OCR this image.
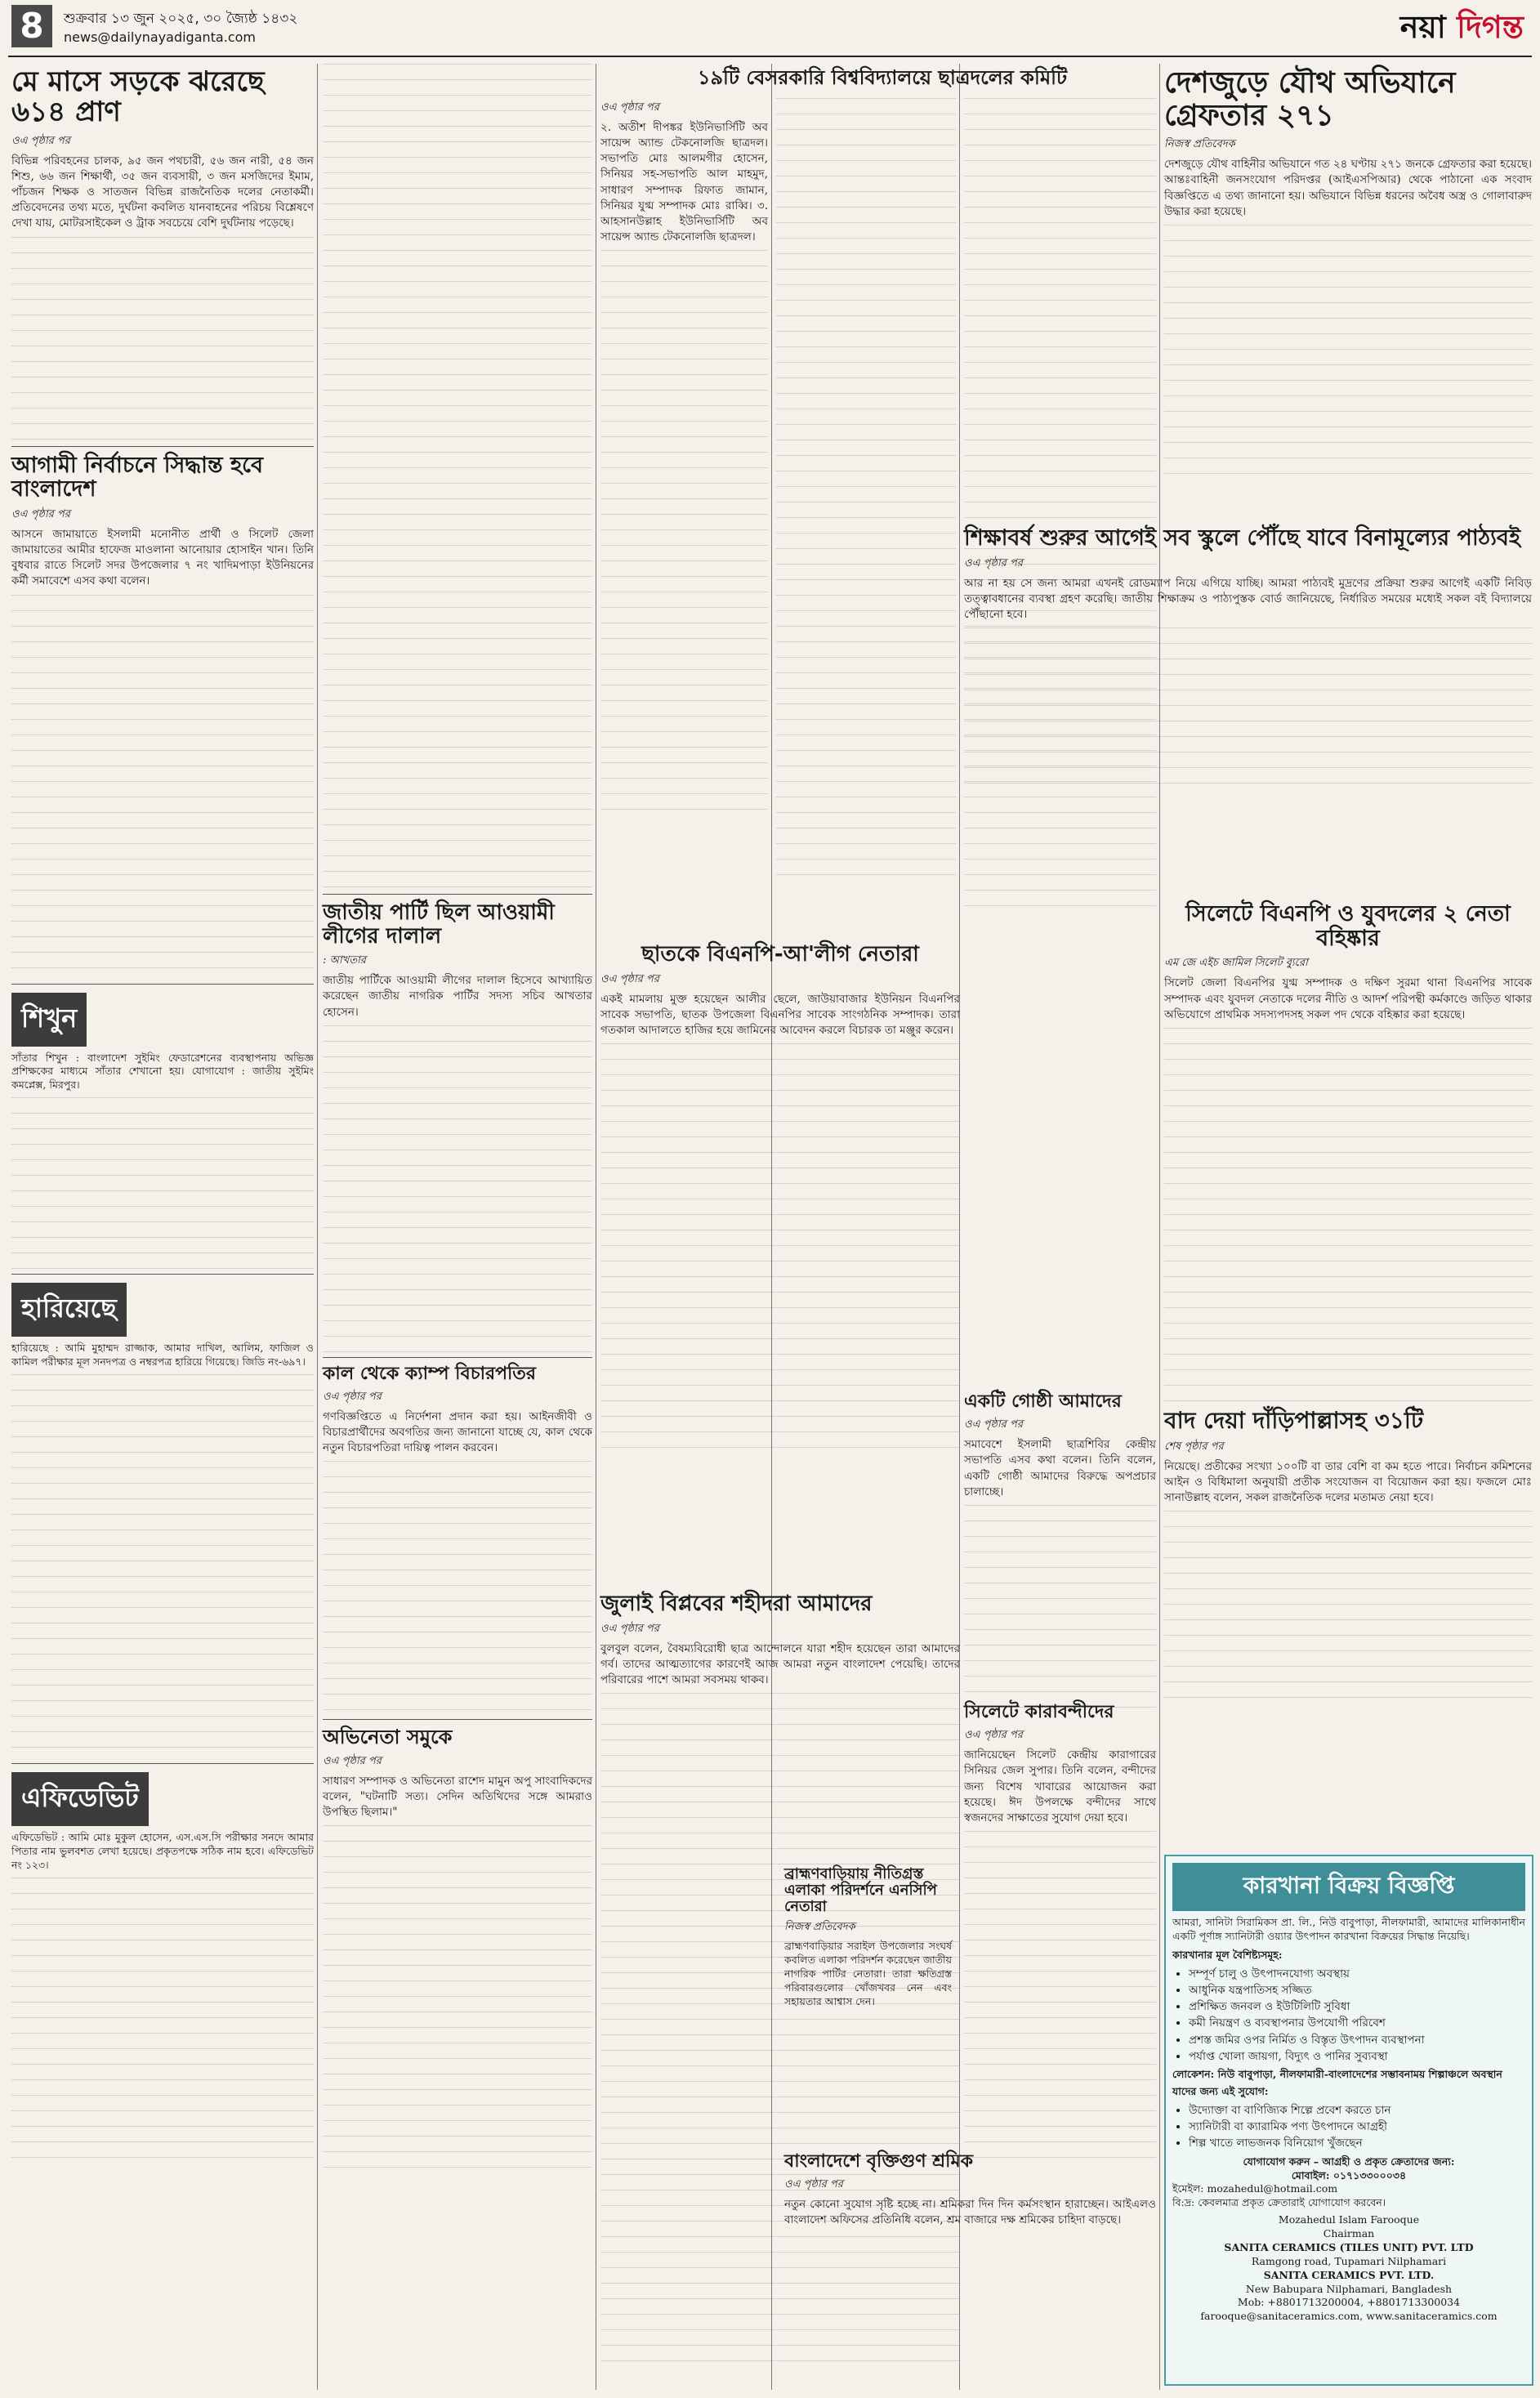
8	শুক্রবার ১৩ জুন ২০২৫, ৩০ জ্যৈষ্ঠ ১৪৩২
news@dailynayadiganta.com	নয়া দিগন্ত
মে মাসে সড়কে ঝরেছে ৬১৪ প্রাণ
ওএ পৃষ্ঠার পর

বিভিন্ন পরিবহনের চালক, ৯৫ জন পথচারী, ৫৬ জন নারী, ৫৪ জন শিশু, ৬৬ জন শিক্ষার্থী, ৩৫ জন ব্যবসায়ী, ৩ জন মসজিদের ইমাম, পাঁচজন শিক্ষক ও সাতজন বিভিন্ন রাজনৈতিক দলের নেতাকর্মী। প্রতিবেদনের তথ্য মতে, দুর্ঘটনা কবলিত যানবাহনের পরিচয় বিশ্লেষণে দেখা যায়, মোটরসাইকেল ও ট্রাক সবচেয়ে বেশি দুর্ঘটনায় পড়েছে।

আগামী নির্বাচনে সিদ্ধান্ত হবে বাংলাদেশ
ওএ পৃষ্ঠার পর

আসনে জামায়াতে ইসলামী মনোনীত প্রার্থী ও সিলেট জেলা জামায়াতের আমীর হাফেজ মাওলানা আনোয়ার হোসাইন খান। তিনি বুধবার রাতে সিলেট সদর উপজেলার ৭ নং খাদিমপাড়া ইউনিয়নের কর্মী সমাবেশে এসব কথা বলেন।

শিখুন

সাঁতার শিখুন : বাংলাদেশ সুইমিং ফেডারেশনের ব্যবস্থাপনায় অভিজ্ঞ প্রশিক্ষকের মাধ্যমে সাঁতার শেখানো হয়। যোগাযোগ : জাতীয় সুইমিং কমপ্লেক্স, মিরপুর।

হারিয়েছে

হারিয়েছে : আমি মুহাম্মদ রাজ্জাক, আমার দাখিল, আলিম, ফাজিল ও কামিল পরীক্ষার মূল সনদপত্র ও নম্বরপত্র হারিয়ে গিয়েছে। জিডি নং-৬৯৭।

এফিডেভিট

এফিডেভিট : আমি মোঃ মুকুল হোসেন, এস.এস.সি পরীক্ষার সনদে আমার পিতার নাম ভুলবশত লেখা হয়েছে। প্রকৃতপক্ষে সঠিক নাম হবে। এফিডেভিট নং ১২৩।

জাতীয় পার্টি ছিল আওয়ামী লীগের দালাল
: আখতার

জাতীয় পার্টিকে আওয়ামী লীগের দালাল হিসেবে আখ্যায়িত করেছেন জাতীয় নাগরিক পার্টির সদস্য সচিব আখতার হোসেন।

কাল থেকে ক্যাম্প বিচারপতির
ওএ পৃষ্ঠার পর

গণবিজ্ঞপ্তিতে এ নির্দেশনা প্রদান করা হয়। আইনজীবী ও বিচারপ্রার্থীদের অবগতির জন্য জানানো যাচ্ছে যে, কাল থেকে নতুন বিচারপতিরা দায়িত্ব পালন করবেন।

অভিনেতা সমুকে
ওএ পৃষ্ঠার পর

সাধারণ সম্পাদক ও অভিনেতা রাশেদ মামুন অপু সাংবাদিকদের বলেন, "ঘটনাটি সত্য। সেদিন অতিথিদের সঙ্গে আমরাও উপস্থিত ছিলাম।"

১৯টি বেসরকারি বিশ্ববিদ্যালয়ে ছাত্রদলের কমিটি
ওএ পৃষ্ঠার পর

২. অতীশ দীপঙ্কর ইউনিভার্সিটি অব সায়েন্স অ্যান্ড টেকনোলজি ছাত্রদল। সভাপতি মোঃ আলমগীর হোসেন, সিনিয়র সহ-সভাপতি আল মাহমুদ, সাধারণ সম্পাদক রিফাত জামান, সিনিয়র যুগ্ম সম্পাদক মোঃ রাব্বি। ৩. আহসানউল্লাহ ইউনিভার্সিটি অব সায়েন্স অ্যান্ড টেকনোলজি ছাত্রদল।

ছাতকে বিএনপি-আ'লীগ নেতারা
ওএ পৃষ্ঠার পর

একই মামলায় মুক্ত হয়েছেন আলীর ছেলে, জাউয়াবাজার ইউনিয়ন বিএনপির সাবেক সভাপতি, ছাতক উপজেলা বিএনপির সাবেক সাংগঠনিক সম্পাদক। তারা গতকাল আদালতে হাজির হয়ে জামিনের আবেদন করলে বিচারক তা মঞ্জুর করেন।

জুলাই বিপ্লবের শহীদরা আমাদের
ওএ পৃষ্ঠার পর

বুলবুল বলেন, বৈষম্যবিরোধী ছাত্র আন্দোলনে যারা শহীদ হয়েছেন তারা আমাদের গর্ব। তাদের আত্মত্যাগের কারণেই আজ আমরা নতুন বাংলাদেশ পেয়েছি। তাদের পরিবারের পাশে আমরা সবসময় থাকব।

একটি গোষ্ঠী আমাদের
ওএ পৃষ্ঠার পর

সমাবেশে ইসলামী ছাত্রশিবির কেন্দ্রীয় সভাপতি এসব কথা বলেন। তিনি বলেন, একটি গোষ্ঠী আমাদের বিরুদ্ধে অপপ্রচার চালাচ্ছে।

সিলেটে কারাবন্দীদের
ওএ পৃষ্ঠার পর

জানিয়েছেন সিলেট কেন্দ্রীয় কারাগারের সিনিয়র জেল সুপার। তিনি বলেন, বন্দীদের জন্য বিশেষ খাবারের আয়োজন করা হয়েছে। ঈদ উপলক্ষে বন্দীদের সাথে স্বজনদের সাক্ষাতের সুযোগ দেয়া হবে।

বাংলাদেশে বৃক্তিগুণ শ্রমিক
ওএ পৃষ্ঠার পর

নতুন কোনো সুযোগ সৃষ্টি হচ্ছে না। শ্রমিকরা দিন দিন কর্মসংস্থান হারাচ্ছেন। আইএলও বাংলাদেশ অফিসের প্রতিনিধি বলেন, শ্রম বাজারে দক্ষ শ্রমিকের চাহিদা বাড়ছে।

দেশজুড়ে যৌথ অভিযানে গ্রেফতার ২৭১
নিজস্ব প্রতিবেদক

দেশজুড়ে যৌথ বাহিনীর অভিযানে গত ২৪ ঘণ্টায় ২৭১ জনকে গ্রেফতার করা হয়েছে। আন্তঃবাহিনী জনসংযোগ পরিদপ্তর (আইএসপিআর) থেকে পাঠানো এক সংবাদ বিজ্ঞপ্তিতে এ তথ্য জানানো হয়। অভিযানে বিভিন্ন ধরনের অবৈধ অস্ত্র ও গোলাবারুদ উদ্ধার করা হয়েছে।

শিক্ষাবর্ষ শুরুর আগেই সব স্কুলে পৌঁছে যাবে বিনামূল্যের পাঠ্যবই
ওএ পৃষ্ঠার পর

আর না হয় সে জন্য আমরা এখনই রোডম্যাপ নিয়ে এগিয়ে যাচ্ছি। আমরা পাঠ্যবই মুদ্রণের প্রক্রিয়া শুরুর আগেই একটি নিবিড় তত্ত্বাবধানের ব্যবস্থা গ্রহণ করেছি। জাতীয় শিক্ষাক্রম ও পাঠ্যপুস্তক বোর্ড জানিয়েছে, নির্ধারিত সময়ের মধ্যেই সকল বই বিদ্যালয়ে পৌঁছানো হবে।

সিলেটে বিএনপি ও যুবদলের ২ নেতা বহিষ্কার
এম জে এইচ জামিল সিলেট ব্যুরো

সিলেট জেলা বিএনপির যুগ্ম সম্পাদক ও দক্ষিণ সুরমা থানা বিএনপির সাবেক সম্পাদক এবং যুবদল নেতাকে দলের নীতি ও আদর্শ পরিপন্থী কর্মকাণ্ডে জড়িত থাকার অভিযোগে প্রাথমিক সদস্যপদসহ সকল পদ থেকে বহিষ্কার করা হয়েছে।

বাদ দেয়া দাঁড়িপাল্লাসহ ৩১টি
শেষ পৃষ্ঠার পর

নিয়েছে। প্রতীকের সংখ্যা ১০০টি বা তার বেশি বা কম হতে পারে। নির্বাচন কমিশনের আইন ও বিধিমালা অনুযায়ী প্রতীক সংযোজন বা বিয়োজন করা হয়। ফজলে মোঃ সানাউল্লাহ বলেন, সকল রাজনৈতিক দলের মতামত নেয়া হবে।

ব্রাহ্মণবাড়িয়ায় নীতিগ্রস্ত এলাকা পরিদর্শনে এনসিপি নেতারা
নিজস্ব প্রতিবেদক

ব্রাহ্মণবাড়িয়ার সরাইল উপজেলার সংঘর্ষ কবলিত এলাকা পরিদর্শন করেছেন জাতীয় নাগরিক পার্টির নেতারা। তারা ক্ষতিগ্রস্ত পরিবারগুলোর খোঁজখবর নেন এবং সহায়তার আশ্বাস দেন।

কারখানা বিক্রয় বিজ্ঞপ্তি

আমরা, সানিটা সিরামিকস প্রা. লি., নিউ বাবুপাড়া, নীলফামারী, আমাদের মালিকানাধীন একটি পূর্ণাঙ্গ স্যানিটারী ওয়্যার উৎপাদন কারখানা বিক্রয়ের সিদ্ধান্ত নিয়েছি।

কারখানার মূল বৈশিষ্ট্যসমূহ:
• সম্পূর্ণ চালু ও উৎপাদনযোগ্য অবস্থায়
• আধুনিক যন্ত্রপাতিসহ সজ্জিত
• প্রশিক্ষিত জনবল ও ইউটিলিটি সুবিধা
• কমী নিয়ন্ত্রণ ও ব্যবস্থাপনার উপযোগী পরিবেশ
• প্রশস্ত জমির ওপর নির্মিত ও বিস্তৃত উৎপাদন ব্যবস্থাপনা
• পর্যাপ্ত খোলা জায়গা, বিদ্যুৎ ও পানির সুব্যবস্থা
লোকেশন: নিউ বাবুপাড়া, নীলফামারী-বাংলাদেশের সম্ভাবনাময় শিল্পাঞ্চলে অবস্থান
যাদের জন্য এই সুযোগ:
• উদ্যোক্তা বা বাণিজ্যিক শিল্পে প্রবেশ করতে চান
• স্যানিটারী বা ক্যারামিক পণ্য উৎপাদনে আগ্রহী
• শিল্প খাতে লাভজনক বিনিয়োগ খুঁজছেন
যোগাযোগ করুন – আগ্রহী ও প্রকৃত ক্রেতাদের জন্য:
মোবাইল: ০১৭১৩৩০০০৩৪
ইমেইল: mozahedul@hotmail.com
বি:দ্র: কেবলমাত্র প্রকৃত ক্রেতারাই যোগাযোগ করবেন।
Mozahedul Islam Farooque
Chairman
SANITA CERAMICS (TILES UNIT) PVT. LTD
Ramgong road, Tupamari Nilphamari
SANITA CERAMICS PVT. LTD.
New Babupara Nilphamari, Bangladesh
Mob: +8801713200004, +8801713300034
farooque@sanitaceramics.com, www.sanitaceramics.com
